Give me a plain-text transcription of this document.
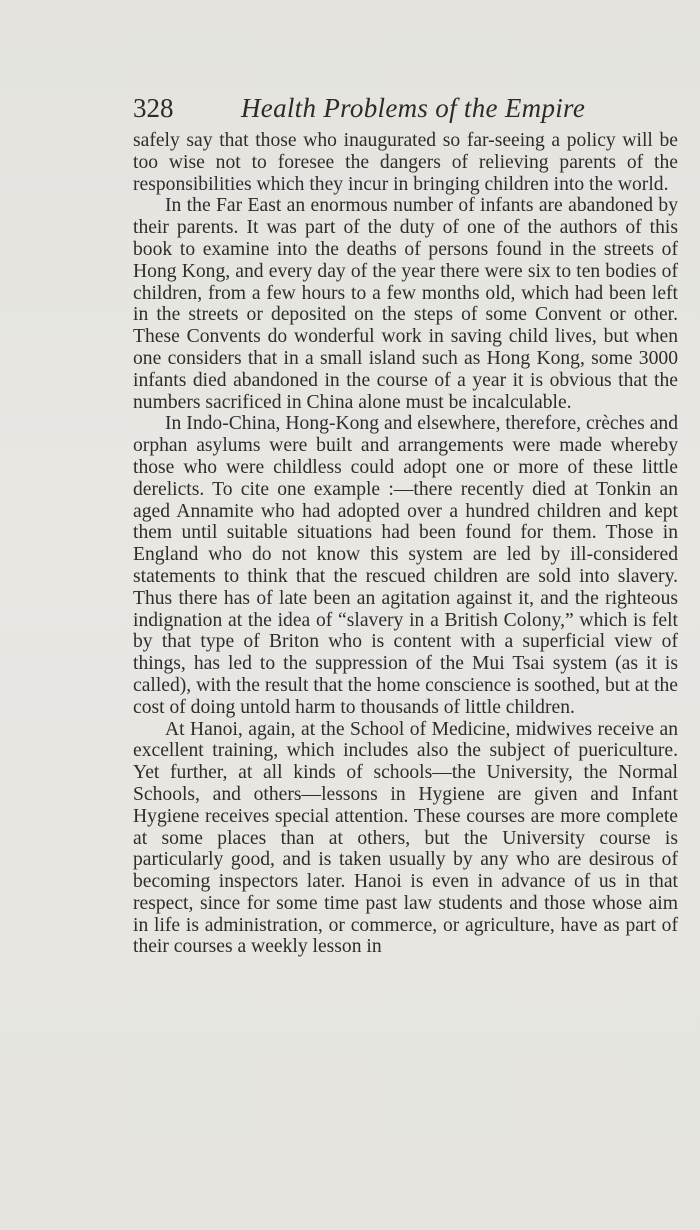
328	Health Problems of the Empire

safely say that those who inaugurated so far-seeing a policy will be too wise not to foresee the dangers of relieving parents of the responsibilities which they incur in bringing children into the world.

In the Far East an enormous number of infants are abandoned by their parents. It was part of the duty of one of the authors of this book to examine into the deaths of persons found in the streets of Hong Kong, and every day of the year there were six to ten bodies of children, from a few hours to a few months old, which had been left in the streets or deposited on the steps of some Convent or other. These Convents do wonderful work in saving child lives, but when one considers that in a small island such as Hong Kong, some 3000 infants died abandoned in the course of a year it is obvious that the numbers sacrificed in China alone must be incalculable.

In Indo-China, Hong-Kong and elsewhere, therefore, crèches and orphan asylums were built and arrangements were made whereby those who were childless could adopt one or more of these little derelicts. To cite one example :—there recently died at Tonkin an aged Annamite who had adopted over a hundred children and kept them until suitable situations had been found for them. Those in England who do not know this system are led by ill-considered statements to think that the rescued children are sold into slavery. Thus there has of late been an agitation against it, and the righteous indignation at the idea of “slavery in a British Colony,” which is felt by that type of Briton who is content with a superficial view of things, has led to the suppression of the Mui Tsai system (as it is called), with the result that the home conscience is soothed, but at the cost of doing untold harm to thousands of little children.

At Hanoi, again, at the School of Medicine, midwives receive an excellent training, which includes also the subject of puericulture. Yet further, at all kinds of schools—the University, the Normal Schools, and others—lessons in Hygiene are given and Infant Hygiene receives special attention. These courses are more complete at some places than at others, but the University course is particularly good, and is taken usually by any who are desirous of becoming inspectors later. Hanoi is even in advance of us in that respect, since for some time past law students and those whose aim in life is administration, or commerce, or agriculture, have as part of their courses a weekly lesson in
